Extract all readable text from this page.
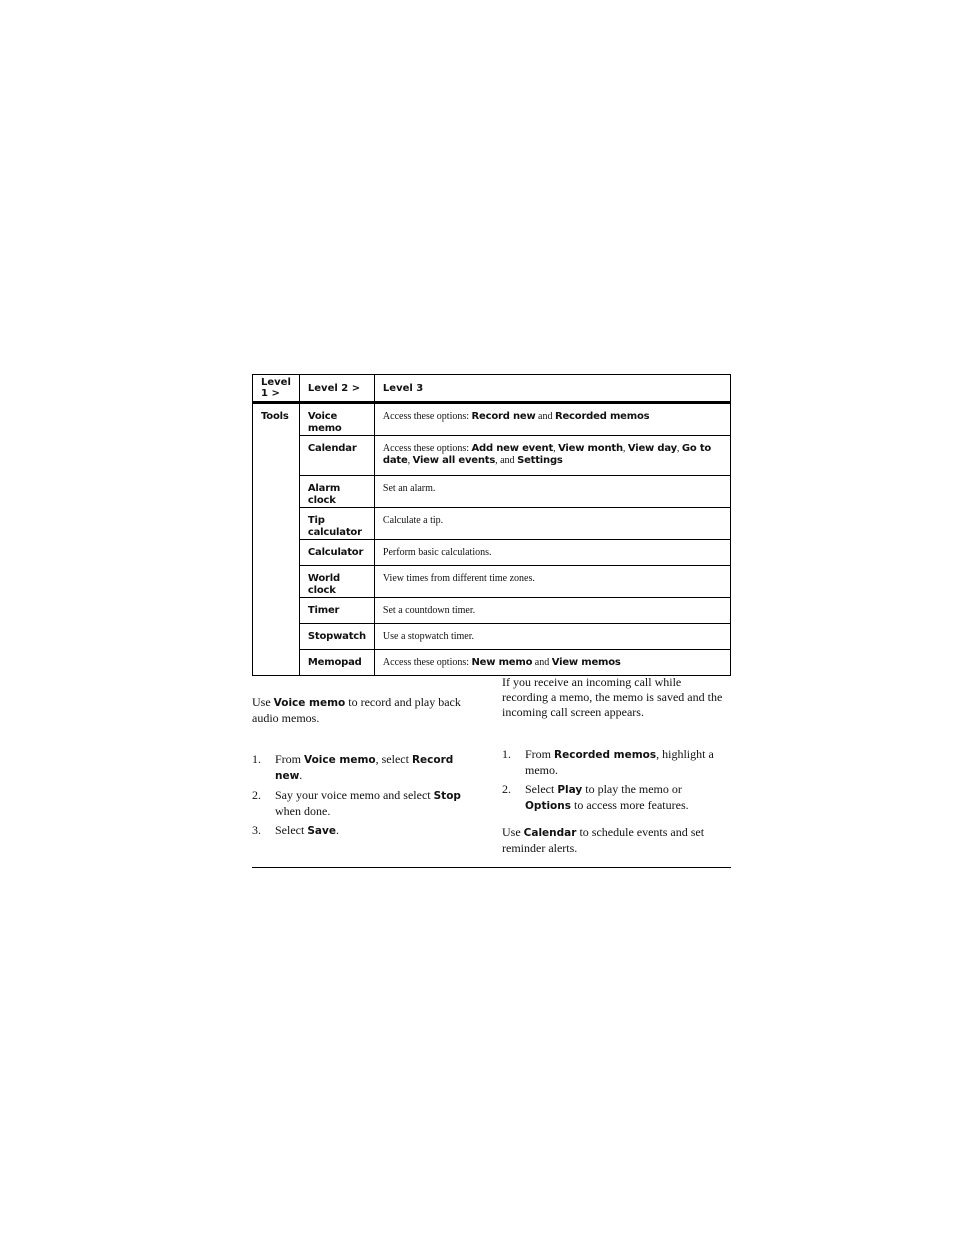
Level 1 >	Level 2 >	Level 3
Tools	Voice memo	Access these options: Record new and Recorded memos
	Calendar	Access these options: Add new event, View month, View day, Go to date, View all events, and Settings
	Alarm clock	Set an alarm.
	Tip calculator	Calculate a tip.
	Calculator	Perform basic calculations.
	World clock	View times from different time zones.
	Timer	Set a countdown timer.
	Stopwatch	Use a stopwatch timer.
	Memopad	Access these options: New memo and View memos

Use Voice memo to record and play back audio memos.

1. From Voice memo, select Record new.
2. Say your voice memo and select Stop when done.
3. Select Save.

If you receive an incoming call while recording a memo, the memo is saved and the incoming call screen appears.

1. From Recorded memos, highlight a memo.
2. Select Play to play the memo or Options to access more features.

Use Calendar to schedule events and set reminder alerts.
